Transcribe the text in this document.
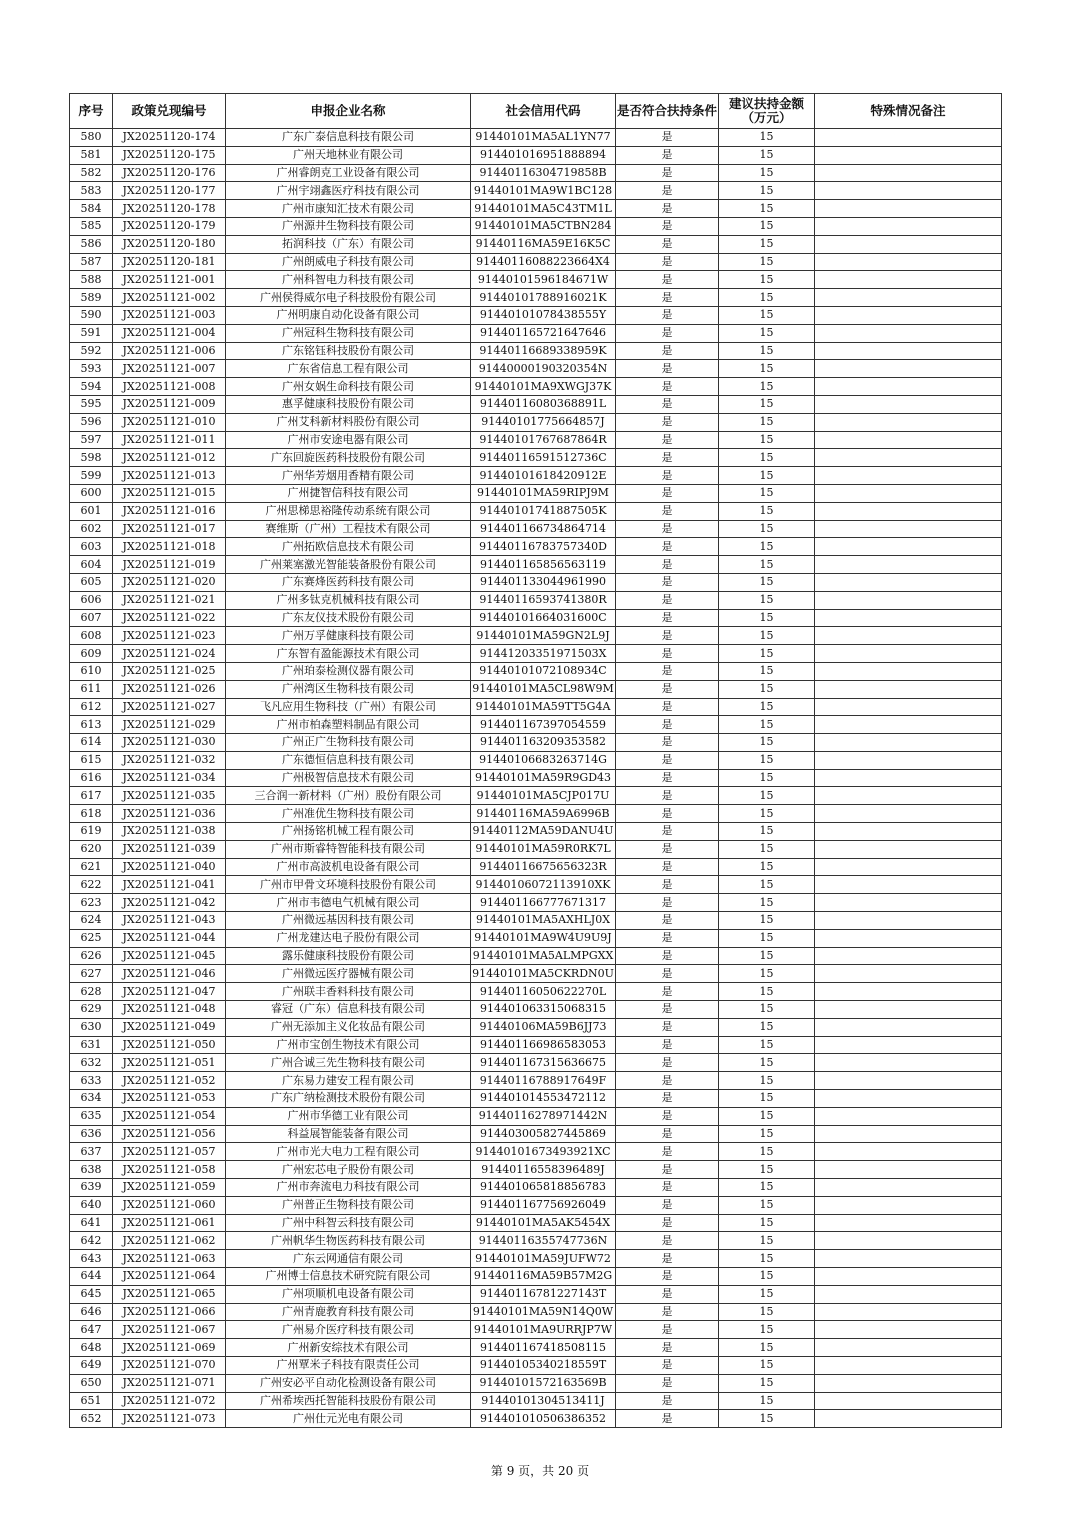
序号	政策兑现编号	申报企业名称	社会信用代码	是否符合扶持条件	建议扶持金额（万元）	特殊情况备注
580	JX20251120-174	广东广泰信息科技有限公司	91440101MA5AL1YN77	是	15	
581	JX20251120-175	广州天地林业有限公司	914401016951888894	是	15	
582	JX20251120-176	广州睿朗克工业设备有限公司	91440116304719858B	是	15	
583	JX20251120-177	广州宇翊鑫医疗科技有限公司	91440101MA9W1BC128	是	15	
584	JX20251120-178	广州市康知汇技术有限公司	91440101MA5C43TM1L	是	15	
585	JX20251120-179	广州源井生物科技有限公司	91440101MA5CTBN284	是	15	
586	JX20251120-180	拓润科技（广东）有限公司	91440116MA59E16K5C	是	15	
587	JX20251120-181	广州朗威电子科技有限公司	91440116088223664X4	是	15	
588	JX20251121-001	广州科智电力科技有限公司	91440101596184671W	是	15	
589	JX20251121-002	广州侯得威尔电子科技股份有限公司	91440101788916021K	是	15	
590	JX20251121-003	广州明康自动化设备有限公司	91440101078438555Y	是	15	
591	JX20251121-004	广州冠科生物科技有限公司	914401165721647646	是	15	
592	JX20251121-006	广东铭钰科技股份有限公司	91440116689338959K	是	15	
593	JX20251121-007	广东省信息工程有限公司	91440000190320354N	是	15	
594	JX20251121-008	广州女娲生命科技有限公司	91440101MA9XWGJ37K	是	15	
595	JX20251121-009	惠孚健康科技股份有限公司	91440116080368891L	是	15	
596	JX20251121-010	广州艾科新材料股份有限公司	91440101775664857J	是	15	
597	JX20251121-011	广州市安途电器有限公司	91440101767687864R	是	15	
598	JX20251121-012	广东回旋医药科技股份有限公司	91440116591512736C	是	15	
599	JX20251121-013	广州华芳烟用香精有限公司	91440101618420912E	是	15	
600	JX20251121-015	广州捷智信科技有限公司	91440101MA59RIPJ9M	是	15	
601	JX20251121-016	广州思梯思裕隆传动系统有限公司	91440101741887505K	是	15	
602	JX20251121-017	赛维斯（广州）工程技术有限公司	914401166734864714	是	15	
603	JX20251121-018	广州拓欧信息技术有限公司	91440116783757340D	是	15	
604	JX20251121-019	广州莱塞激光智能装备股份有限公司	914401165856563119	是	15	
605	JX20251121-020	广东赛烽医药科技有限公司	914401133044961990	是	15	
606	JX20251121-021	广州多钛克机械科技有限公司	91440116593741380R	是	15	
607	JX20251121-022	广东友仪技术股份有限公司	91440101664031600C	是	15	
608	JX20251121-023	广州万孚健康科技有限公司	91440101MA59GN2L9J	是	15	
609	JX20251121-024	广东智有盈能源技术有限公司	91441203351971503X	是	15	
610	JX20251121-025	广州珀泰检测仪器有限公司	91440101072108934C	是	15	
611	JX20251121-026	广州湾区生物科技有限公司	91440101MA5CL98W9M	是	15	
612	JX20251121-027	飞凡应用生物科技（广州）有限公司	91440101MA59TT5G4A	是	15	
613	JX20251121-029	广州市柏森塑料制品有限公司	914401167397054559	是	15	
614	JX20251121-030	广州正广生物科技有限公司	914401163209353582	是	15	
615	JX20251121-032	广东德恒信息科技有限公司	91440106683263714G	是	15	
616	JX20251121-034	广州极智信息技术有限公司	91440101MA59R9GD43	是	15	
617	JX20251121-035	三合润一新材料（广州）股份有限公司	91440101MA5CJP017U	是	15	
618	JX20251121-036	广州准优生物科技有限公司	91440116MA59A6996B	是	15	
619	JX20251121-038	广州扬铭机械工程有限公司	91440112MA59DANU4U	是	15	
620	JX20251121-039	广州市斯睿特智能科技有限公司	91440101MA59R0RK7L	是	15	
621	JX20251121-040	广州市高波机电设备有限公司	91440116675656323R	是	15	
622	JX20251121-041	广州市甲骨文环境科技股份有限公司	91440106072113910XK	是	15	
623	JX20251121-042	广州市韦德电气机械有限公司	914401166777671317	是	15	
624	JX20251121-043	广州微远基因科技有限公司	91440101MA5AXHLJ0X	是	15	
625	JX20251121-044	广州龙建达电子股份有限公司	91440101MA9W4U9U9J	是	15	
626	JX20251121-045	露乐健康科技股份有限公司	91440101MA5ALMPGXX	是	15	
627	JX20251121-046	广州微远医疗器械有限公司	91440101MA5CKRDN0U	是	15	
628	JX20251121-047	广州联丰香料科技有限公司	91440116050622270L	是	15	
629	JX20251121-048	睿冠（广东）信息科技有限公司	914401063315068315	是	15	
630	JX20251121-049	广州无添加主义化妆品有限公司	91440106MA59B6JJ73	是	15	
631	JX20251121-050	广州市宝创生物技术有限公司	914401166986583053	是	15	
632	JX20251121-051	广州合诚三先生物科技有限公司	914401167315636675	是	15	
633	JX20251121-052	广东易力建安工程有限公司	91440116788917649F	是	15	
634	JX20251121-053	广东广纳检测技术股份有限公司	914401014553472112	是	15	
635	JX20251121-054	广州市华德工业有限公司	91440116278971442N	是	15	
636	JX20251121-056	科益展智能装备有限公司	914403005827445869	是	15	
637	JX20251121-057	广州市光大电力工程有限公司	91440101673493921XC	是	15	
638	JX20251121-058	广州宏芯电子股份有限公司	91440116558396489J	是	15	
639	JX20251121-059	广州市奔流电力科技有限公司	914401065818856783	是	15	
640	JX20251121-060	广州普正生物科技有限公司	914401167756926049	是	15	
641	JX20251121-061	广州中科智云科技有限公司	91440101MA5AK5454X	是	15	
642	JX20251121-062	广州帆华生物医药科技有限公司	91440116355747736N	是	15	
643	JX20251121-063	广东云网通信有限公司	91440101MA59JUFW72	是	15	
644	JX20251121-064	广州博士信息技术研究院有限公司	91440116MA59B57M2G	是	15	
645	JX20251121-065	广州项顺机电设备有限公司	91440116781227143T	是	15	
646	JX20251121-066	广州青鹿教育科技有限公司	91440101MA59N14Q0W	是	15	
647	JX20251121-067	广州易介医疗科技有限公司	91440101MA9URRJP7W	是	15	
648	JX20251121-069	广州新安综技术有限公司	914401167418508115	是	15	
649	JX20251121-070	广州覃米子科技有限责任公司	91440105340218559T	是	15	
650	JX20251121-071	广州安必平自动化检测设备有限公司	91440101572163569B	是	15	
651	JX20251121-072	广州希埃西托智能科技股份有限公司	91440101304513411J	是	15	
652	JX20251121-073	广州仕元光电有限公司	914401010506386352	是	15	
第 9 页，共 20 页
